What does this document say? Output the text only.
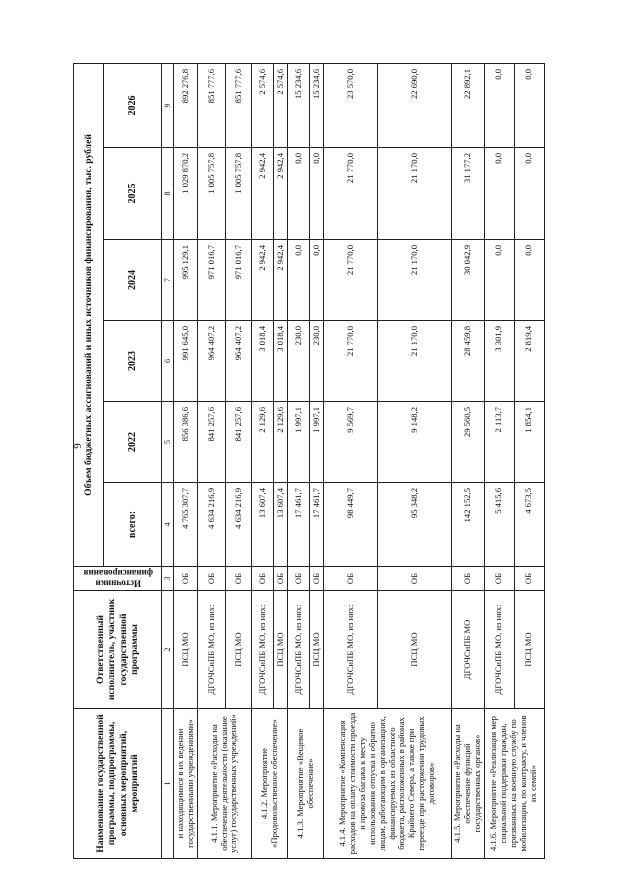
9
Наименование государственной программы, подпрограммы, основных мероприятий, мероприятий	Ответственный исполнитель, участник государственной программы	Источники финансирования	Объем бюджетных ассигнований и иных источников финансирования, тыс. рублей					
			всего:	2022	2023	2024	2025	2026
1	2	3	4	5	6	7	8	9
и находящимися в их ведении государственными учреждениями»	ПСЦ МО	ОБ	4 765 307,7	856 386,6	991 645,0	995 129,1	1 029 870,2	892 276,8
4.1.1. Мероприятие «Расходы на обеспечение деятельности (оказание услуг) государственных учреждений»	ДГОЧСиПБ МО, из них:	ОБ	4 634 216,9	841 257,6	964 407,2	971 016,7	1 005 757,8	851 777,6
	ПСЦ МО	ОБ	4 634 216,9	841 257,6	964 407,2	971 016,7	1 005 757,8	851 777,6
4.1.2. Мероприятие «Продовольственное обеспечение»	ДГОЧСиПБ МО, из них:	ОБ	13 607,4	2 129,6	3 018,4	2 942,4	2 942,4	2 574,6
	ПСЦ МО	ОБ	13 607,4	2 129,6	3 018,4	2 942,4	2 942,4	2 574,6
4.1.3. Мероприятие «Вещевое обеспечение»	ДГОЧСиПБ МО, из них:	ОБ	17 461,7	1 997,1	230,0	0,0	0,0	15 234,6
	ПСЦ МО	ОБ	17 461,7	1 997,1	230,0	0,0	0,0	15 234,6
4.1.4. Мероприятие «Компенсация расходов на оплату стоимости проезда и провоза багажа к месту использования отпуска и обратно лицам, работающим в организациях, финансируемых из областного бюджета, расположенных в районах Крайнего Севера, а также при переезде при расторжении трудовых договоров»	ДГОЧСиПБ МО, из них:	ОБ	98 449,7	9 569,7	21 770,0	21 770,0	21 770,0	23 570,0
	ПСЦ МО	ОБ	95 348,2	9 148,2	21 170,0	21 170,0	21 170,0	22 690,0
4.1.5. Мероприятие «Расходы на обеспечение функций государственных органов»	ДГОЧСиПБ МО	ОБ	142 152,5	29 560,5	28 459,8	30 042,9	31 177,2	22 892,1
4.1.6. Мероприятие «Реализация мер социальной поддержки граждан, призванных на военную службу по мобилизации, по контракту, и членов их семей»	ДГОЧСиПБ МО, из них:	ОБ	5 415,6	2 113,7	3 301,9	0,0	0,0	0,0
	ПСЦ МО	ОБ	4 673,5	1 854,1	2 819,4	0,0	0,0	0,0
